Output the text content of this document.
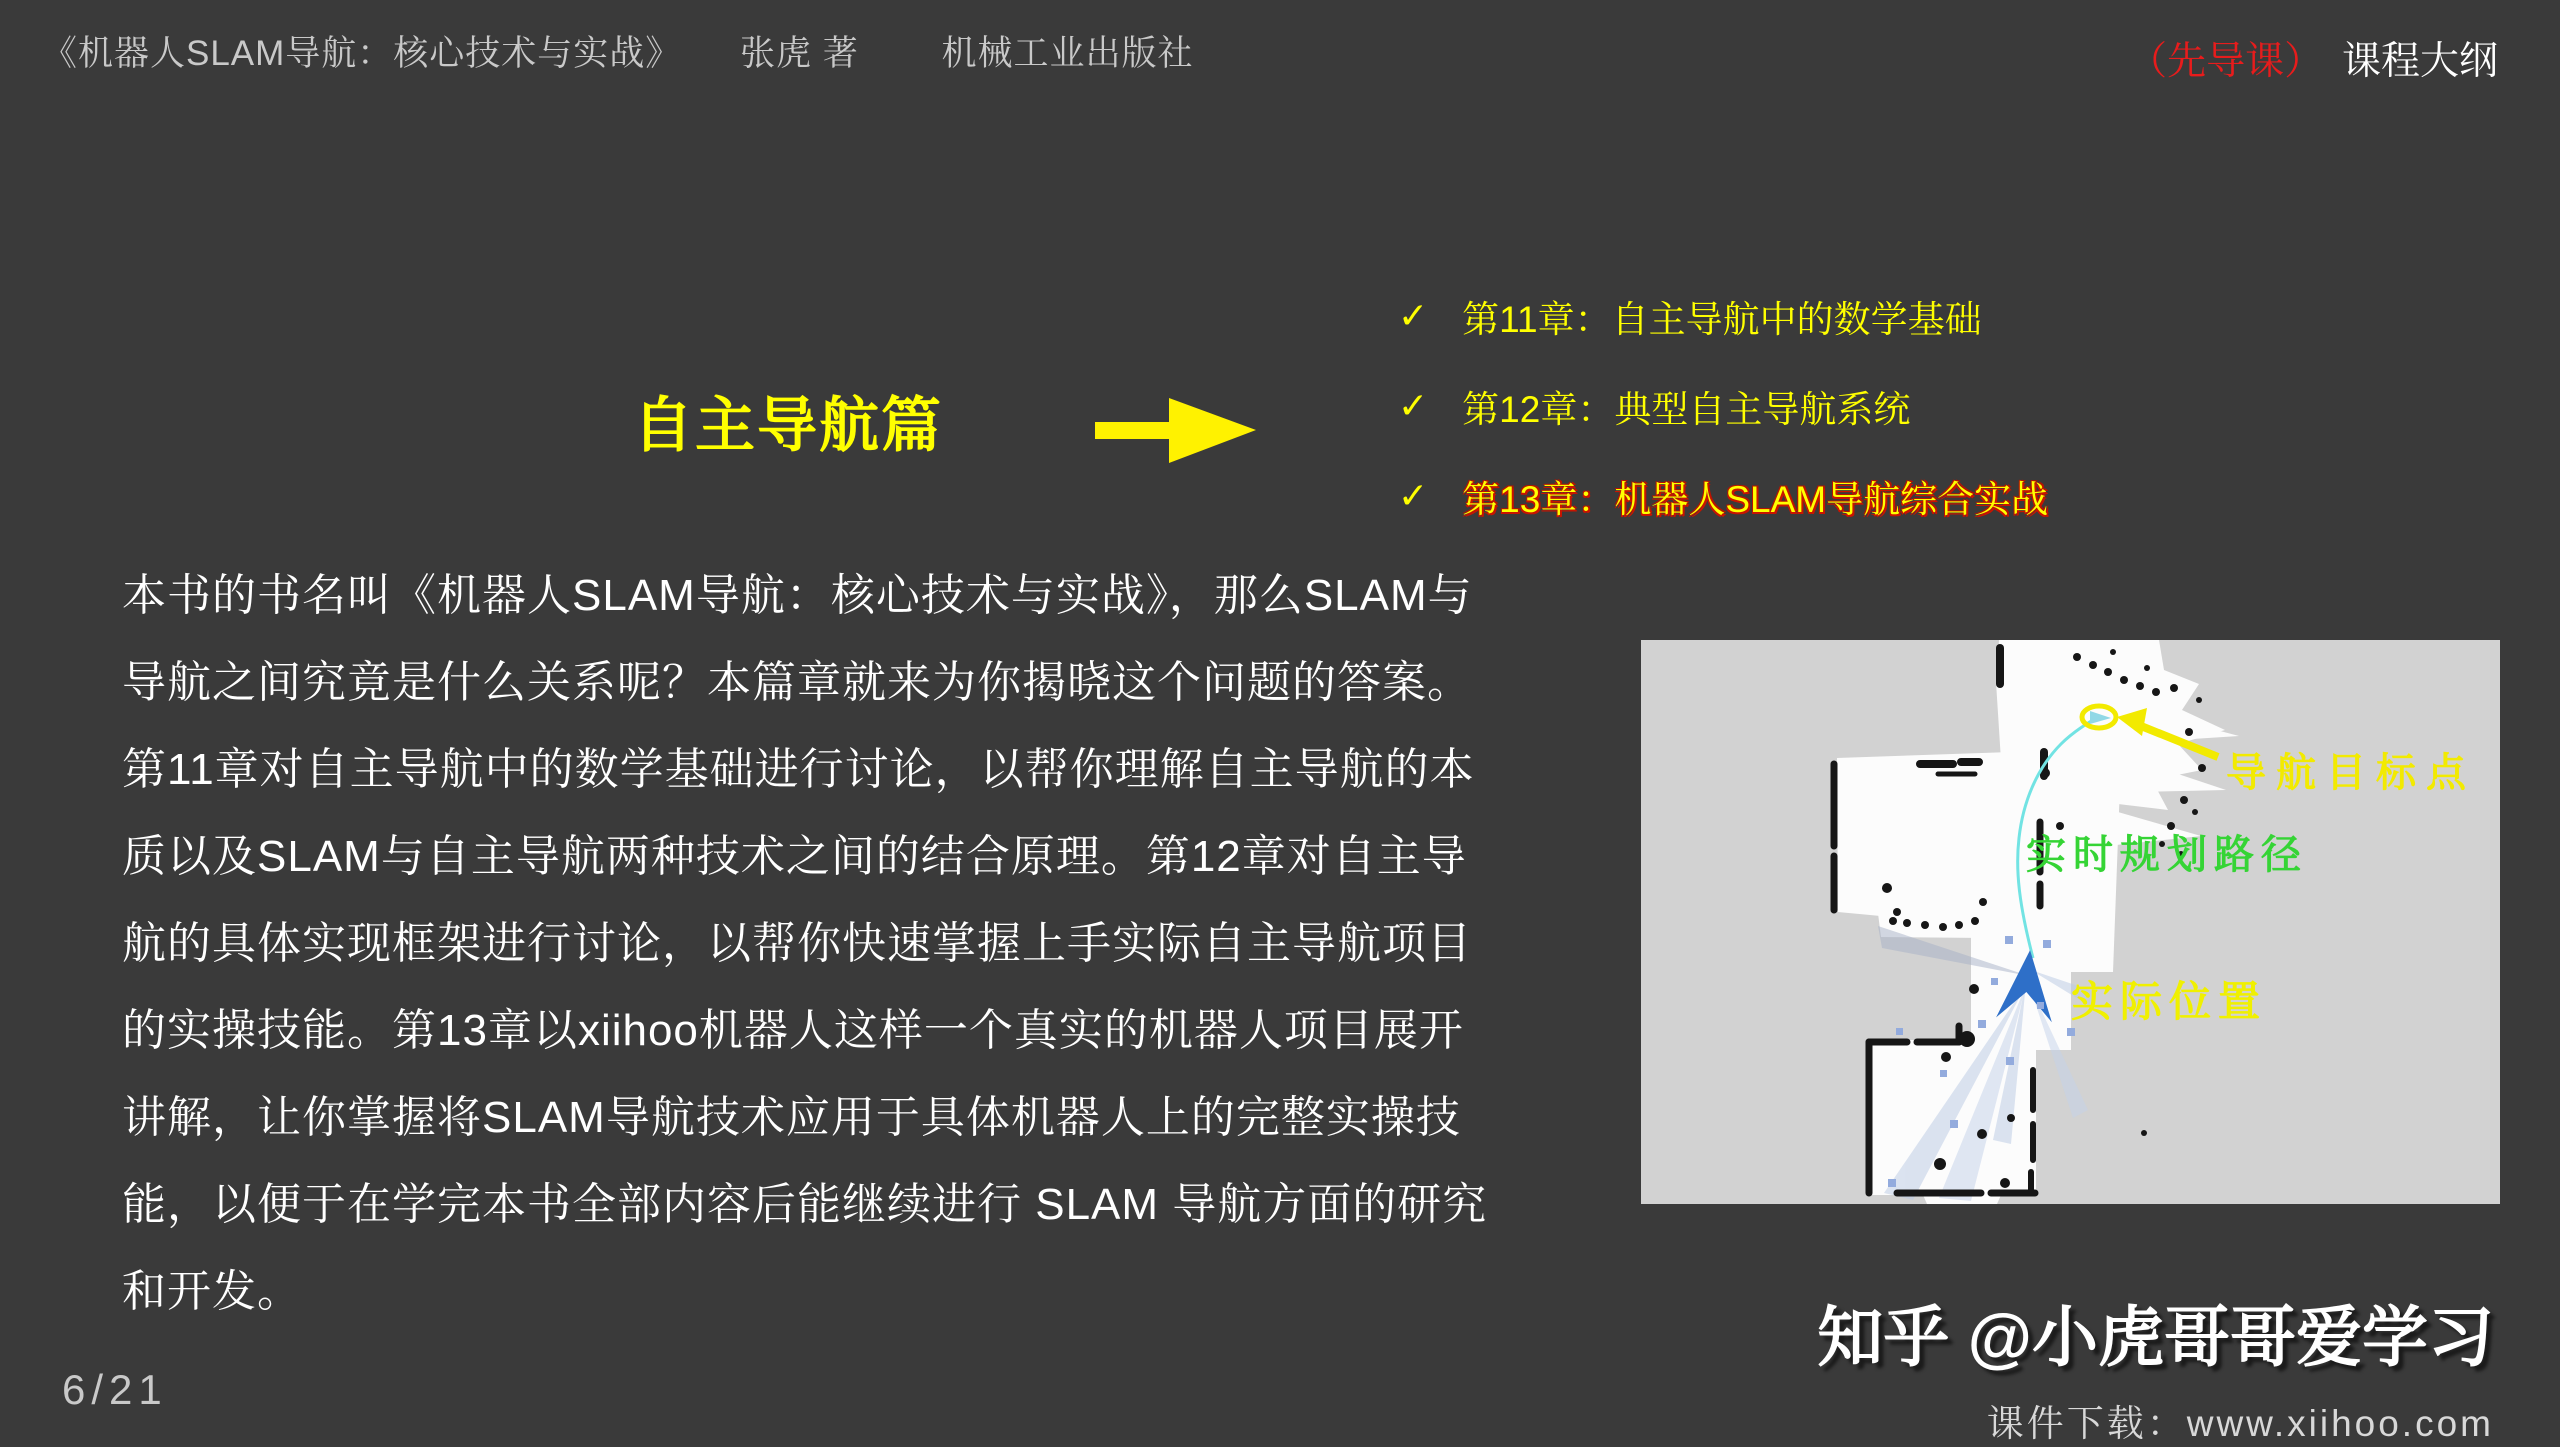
《机器人SLAM导航：核心技术与实战》 张虎 著 机械工业出版社	（先导课） 课程大纲
自主导航篇
✓ 第11章：自主导航中的数学基础
✓ 第12章：典型自主导航系统
✓ 第13章：机器人SLAM导航综合实战
本书的书名叫《机器人SLAM导航：核心技术与实战》，那么SLAM与
导航之间究竟是什么关系呢？本篇章就来为你揭晓这个问题的答案。
第11章对自主导航中的数学基础进行讨论，以帮你理解自主导航的本
质以及SLAM与自主导航两种技术之间的结合原理。第12章对自主导
航的具体实现框架进行讨论，以帮你快速掌握上手实际自主导航项目
的实操技能。第13章以xiihoo机器人这样一个真实的机器人项目展开
讲解，让你掌握将SLAM导航技术应用于具体机器人上的完整实操技
能，以便于在学完本书全部内容后能继续进行 SLAM 导航方面的研究
和开发。
导航目标点
实时规划路径
实际位置
6/21
知乎 @小虎哥哥爱学习
课件下载：www.xiihoo.com
